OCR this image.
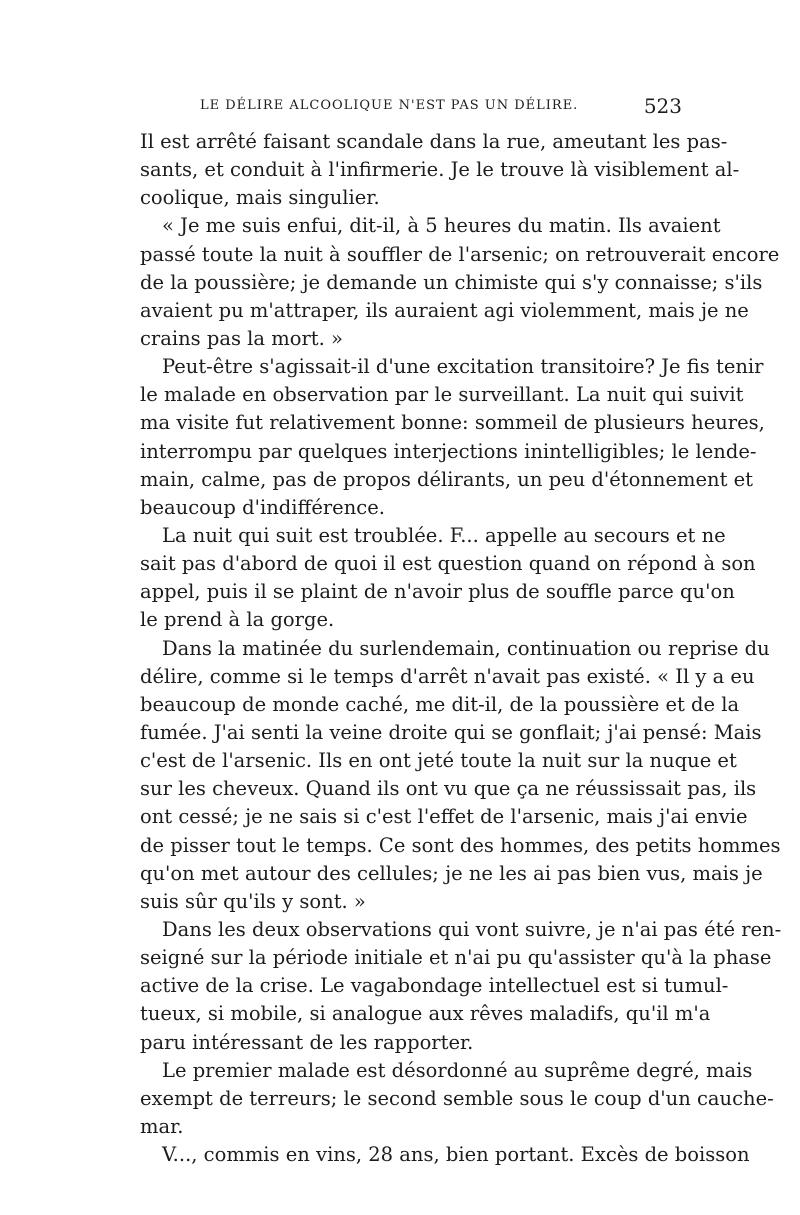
LE DÉLIRE ALCOOLIQUE N'EST PAS UN DÉLIRE.	523
Il est arrêté faisant scandale dans la rue, ameutant les pas-
sants, et conduit à l'infirmerie. Je le trouve là visiblement al-
coolique, mais singulier.
« Je me suis enfui, dit-il, à 5 heures du matin. Ils avaient
passé toute la nuit à souffler de l'arsenic; on retrouverait encore
de la poussière; je demande un chimiste qui s'y connaisse; s'ils
avaient pu m'attraper, ils auraient agi violemment, mais je ne
crains pas la mort. »
Peut-être s'agissait-il d'une excitation transitoire? Je fis tenir
le malade en observation par le surveillant. La nuit qui suivit
ma visite fut relativement bonne: sommeil de plusieurs heures,
interrompu par quelques interjections inintelligibles; le lende-
main, calme, pas de propos délirants, un peu d'étonnement et
beaucoup d'indifférence.
La nuit qui suit est troublée. F... appelle au secours et ne
sait pas d'abord de quoi il est question quand on répond à son
appel, puis il se plaint de n'avoir plus de souffle parce qu'on
le prend à la gorge.
Dans la matinée du surlendemain, continuation ou reprise du
délire, comme si le temps d'arrêt n'avait pas existé. « Il y a eu
beaucoup de monde caché, me dit-il, de la poussière et de la
fumée. J'ai senti la veine droite qui se gonflait; j'ai pensé: Mais
c'est de l'arsenic. Ils en ont jeté toute la nuit sur la nuque et
sur les cheveux. Quand ils ont vu que ça ne réussissait pas, ils
ont cessé; je ne sais si c'est l'effet de l'arsenic, mais j'ai envie
de pisser tout le temps. Ce sont des hommes, des petits hommes
qu'on met autour des cellules; je ne les ai pas bien vus, mais je
suis sûr qu'ils y sont. »
Dans les deux observations qui vont suivre, je n'ai pas été ren-
seigné sur la période initiale et n'ai pu qu'assister qu'à la phase
active de la crise. Le vagabondage intellectuel est si tumul-
tueux, si mobile, si analogue aux rêves maladifs, qu'il m'a
paru intéressant de les rapporter.
Le premier malade est désordonné au suprême degré, mais
exempt de terreurs; le second semble sous le coup d'un cauche-
mar.
V..., commis en vins, 28 ans, bien portant. Excès de boisson
